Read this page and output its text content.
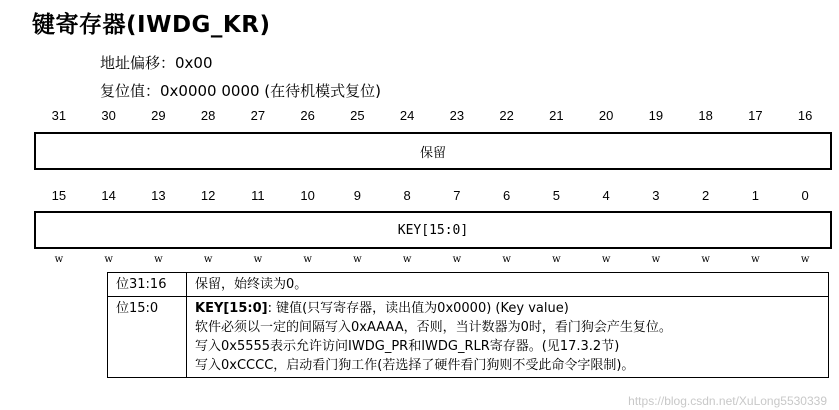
键寄存器(IWDG_KR)
地址偏移：0x00
复位值：0x0000 0000 (在待机模式复位)
31	30	29	28	27	26	25	24	23	22	21	20	19	18	17	16
保留
15	14	13	12	11	10	9	8	7	6	5	4	3	2	1	0
KEY[15:0]
w	w	w	w	w	w	w	w	w	w	w	w	w	w	w	w
位31:16	保留，始终读为0。
位15:0	KEY[15:0]: 键值(只写寄存器，读出值为0x0000) (Key value)
软件必须以一定的间隔写入0xAAAA，否则，当计数器为0时，看门狗会产生复位。
写入0x5555表示允许访问IWDG_PR和IWDG_RLR寄存器。(见17.3.2节)
写入0xCCCC，启动看门狗工作(若选择了硬件看门狗则不受此命令字限制)。
https://blog.csdn.net/XuLong5530339
